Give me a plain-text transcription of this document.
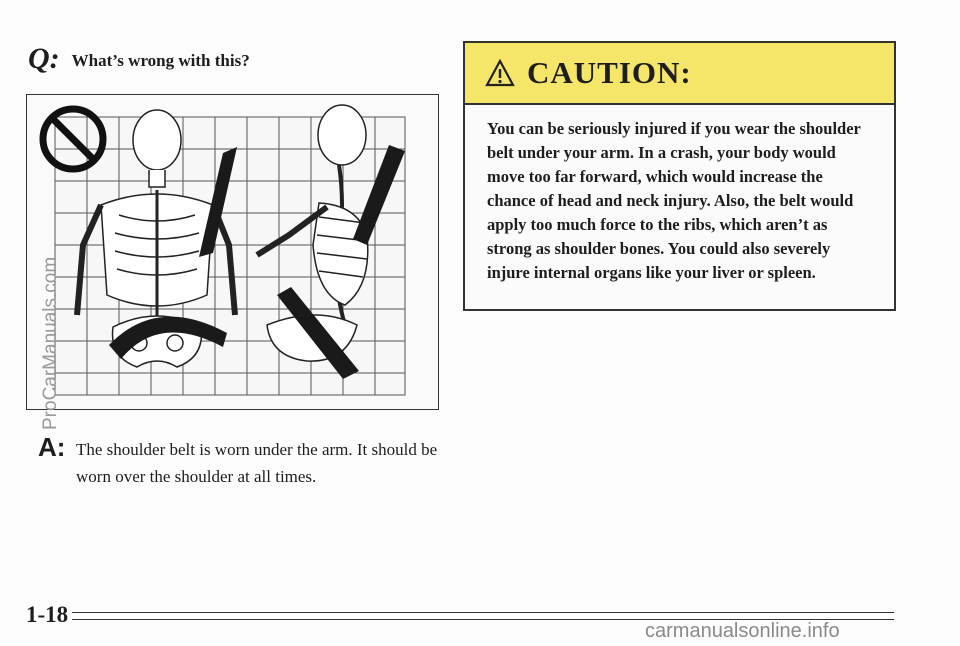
Q: What’s wrong with this?
A: The shoulder belt is worn under the arm. It should be worn over the shoulder at all times.
CAUTION:
You can be seriously injured if you wear the shoulder belt under your arm. In a crash, your body would move too far forward, which would increase the chance of head and neck injury. Also, the belt would apply too much force to the ribs, which aren’t as strong as shoulder bones. You could also severely injure internal organs like your liver or spleen.
ProCarManuals.com
1-18
carmanualsonline.info
